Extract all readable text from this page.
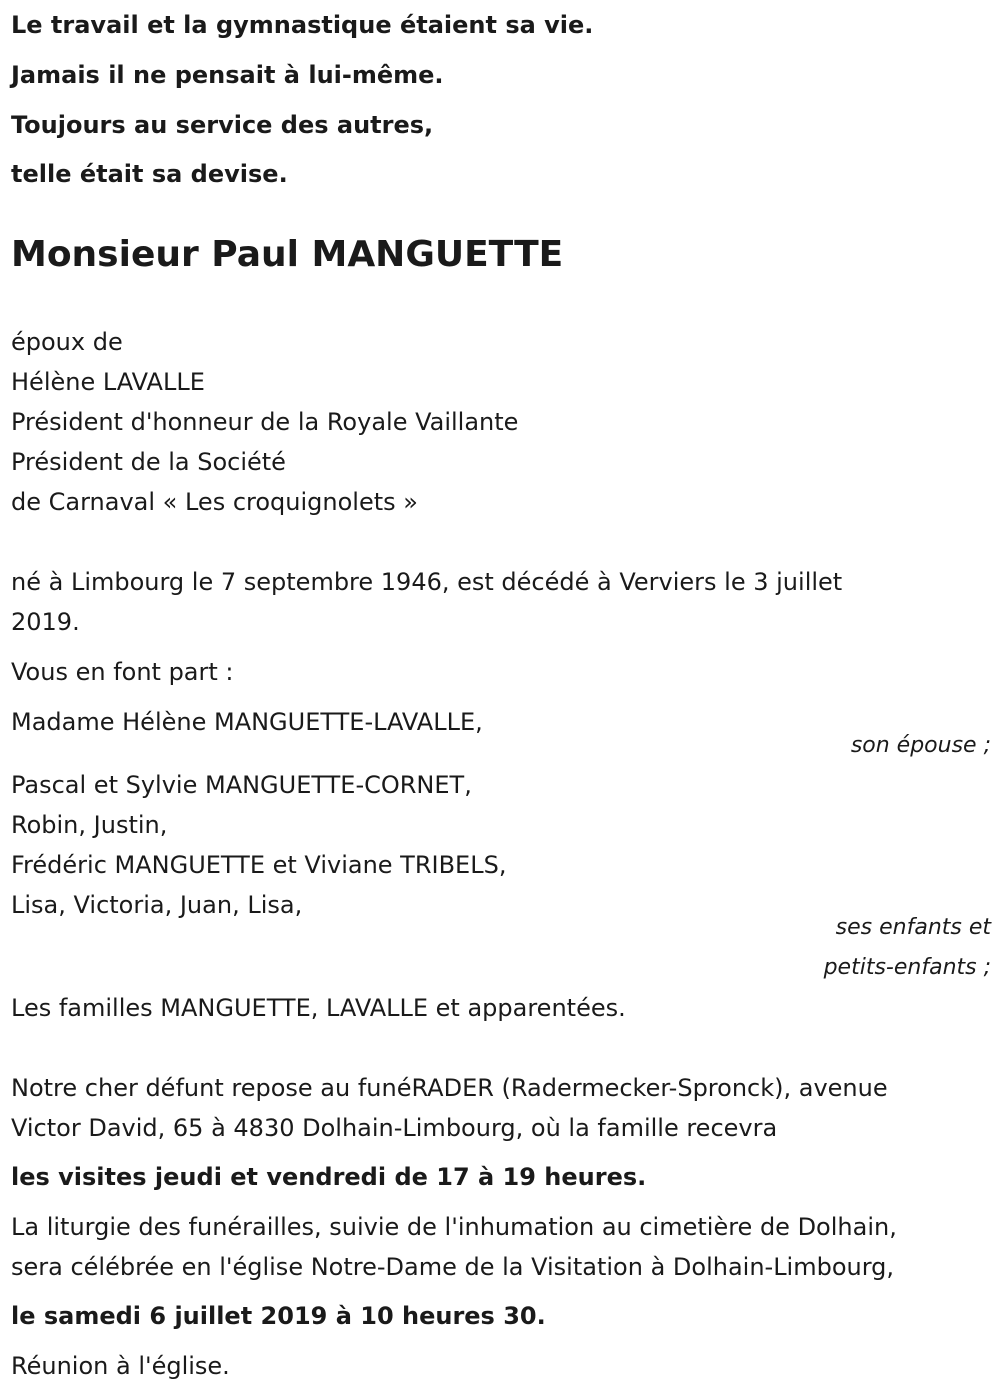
Le travail et la gymnastique étaient sa vie.
Jamais il ne pensait à lui-même.
Toujours au service des autres,
telle était sa devise.
Monsieur Paul MANGUETTE
époux de
Hélène LAVALLE
Président d'honneur de la Royale Vaillante
Président de la Société
de Carnaval « Les croquignolets »
né à Limbourg le 7 septembre 1946, est décédé à Verviers le 3 juillet
2019.
Vous en font part :
Madame Hélène MANGUETTE-LAVALLE,
son épouse ;
Pascal et Sylvie MANGUETTE-CORNET,
Robin, Justin,
Frédéric MANGUETTE et Viviane TRIBELS,
Lisa, Victoria, Juan, Lisa,
ses enfants et
petits-enfants ;
Les familles MANGUETTE, LAVALLE et apparentées.
Notre cher défunt repose au funéRADER (Radermecker-Spronck), avenue
Victor David, 65 à 4830 Dolhain-Limbourg, où la famille recevra
les visites jeudi et vendredi de 17 à 19 heures.
La liturgie des funérailles, suivie de l'inhumation au cimetière de Dolhain,
sera célébrée en l'église Notre-Dame de la Visitation à Dolhain-Limbourg,
le samedi 6 juillet 2019 à 10 heures 30.
Réunion à l'église.
